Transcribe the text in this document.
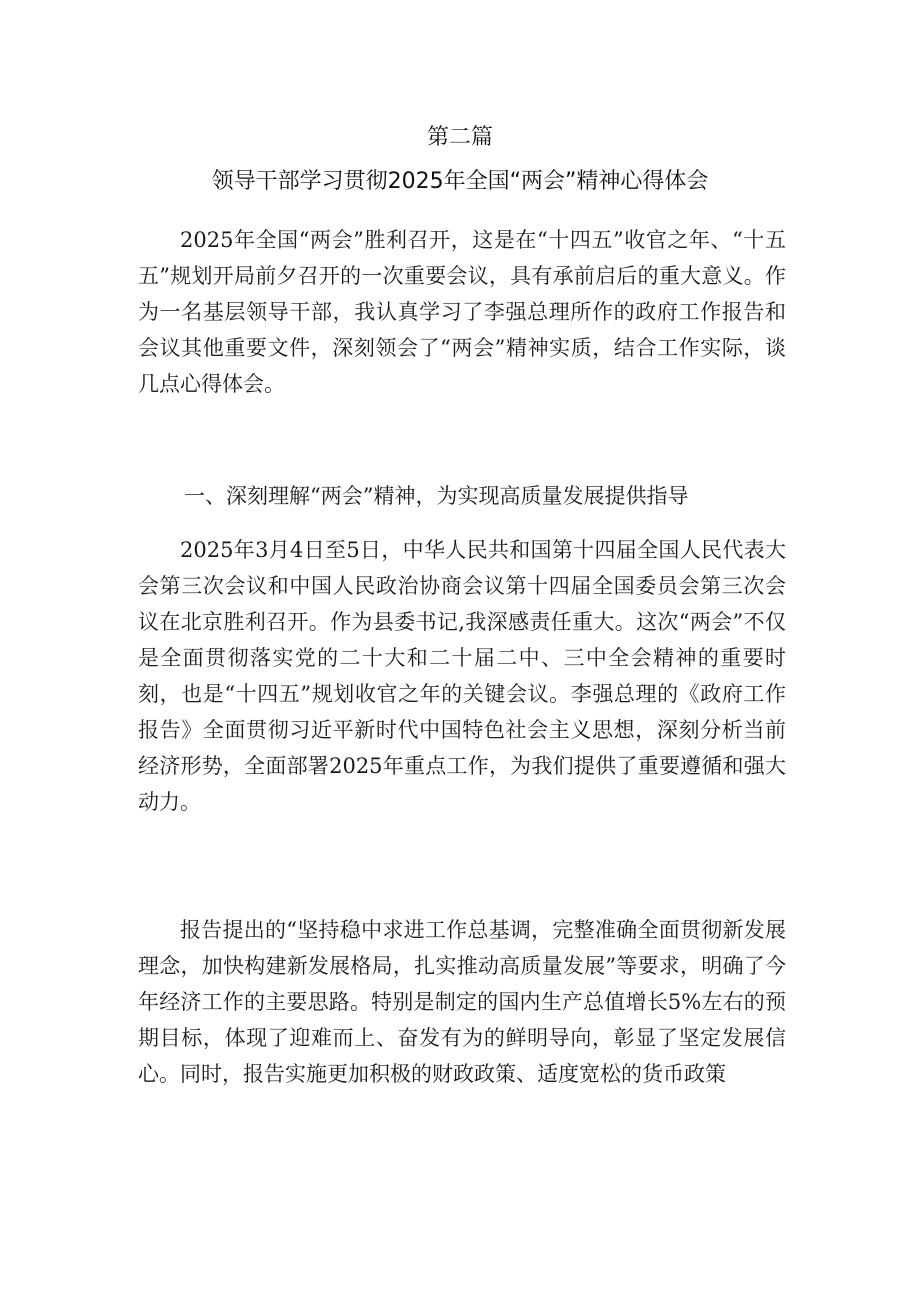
第二篇
领导干部学习贯彻2025年全国“两会”精神心得体会

2025年全国“两会”胜利召开，这是在“十四五”收官之年、“十五五”规划开局前夕召开的一次重要会议，具有承前启后的重大意义。作为一名基层领导干部，我认真学习了李强总理所作的政府工作报告和会议其他重要文件，深刻领会了“两会”精神实质，结合工作实际，谈几点心得体会。

一、深刻理解“两会”精神，为实现高质量发展提供指导

2025年3月4日至5日，中华人民共和国第十四届全国人民代表大会第三次会议和中国人民政治协商会议第十四届全国委员会第三次会议在北京胜利召开。作为县委书记,我深感责任重大。这次“两会”不仅是全面贯彻落实党的二十大和二十届二中、三中全会精神的重要时刻，也是“十四五”规划收官之年的关键会议。李强总理的《政府工作报告》全面贯彻习近平新时代中国特色社会主义思想，深刻分析当前经济形势，全面部署2025年重点工作，为我们提供了重要遵循和强大动力。

报告提出的“坚持稳中求进工作总基调，完整准确全面贯彻新发展理念，加快构建新发展格局，扎实推动高质量发展”等要求，明确了今年经济工作的主要思路。特别是制定的国内生产总值增长5%左右的预期目标，体现了迎难而上、奋发有为的鲜明导向，彰显了坚定发展信心。同时，报告实施更加积极的财政政策、适度宽松的货币政策
